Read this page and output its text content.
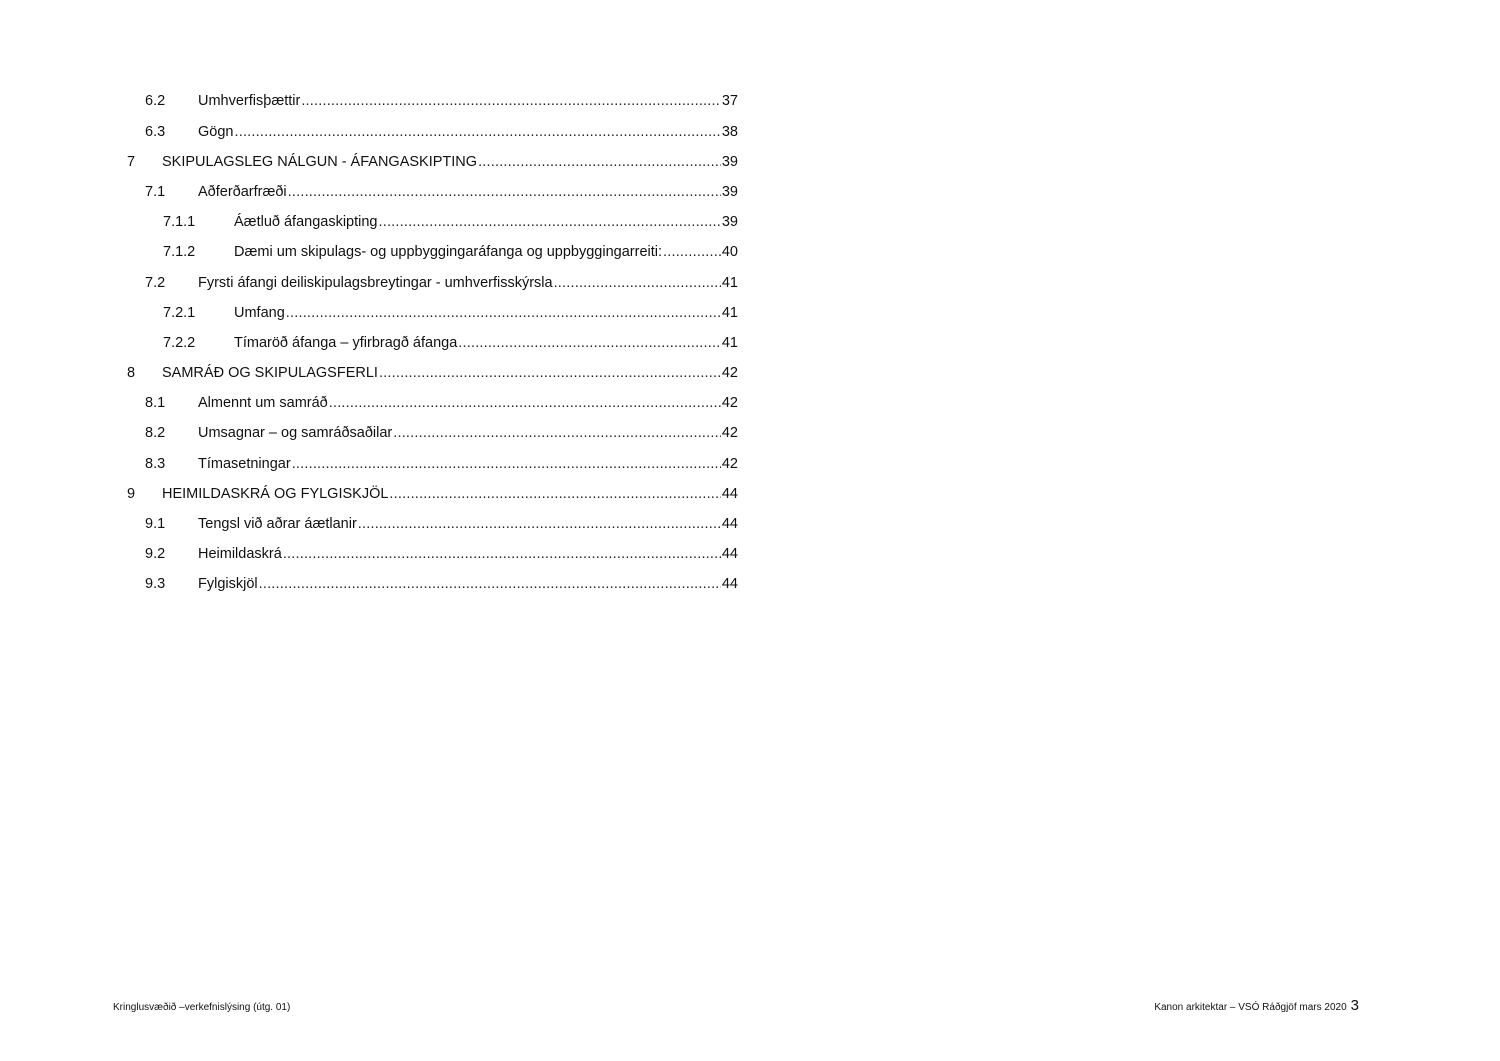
6.2 Umhverfisþættir .....	37
6.3 Gögn .....	38
7 SKIPULAGSLEG NÁLGUN - ÁFANGASKIPTING .....	39
7.1 Aðferðarfræði .....	39
7.1.1	Áætluð áfangaskipting .....	39
7.1.2	Dæmi um skipulags- og uppbyggingaráfanga og uppbyggingarreiti: .....	40
7.2 Fyrsti áfangi deiliskipulagsbreytingar - umhverfisskýrsla .....	41
7.2.1	Umfang .....	41
7.2.2	Tímaröð áfanga – yfirbragð áfanga .....	41
8 SAMRÁÐ OG SKIPULAGSFERLI .....	42
8.1 Almennt um samráð .....	42
8.2 Umsagnar – og samráðsaðilar .....	42
8.3 Tímasetningar .....	42
9 HEIMILDASKRÁ OG FYLGISKJÖL .....	44
9.1 Tengsl við aðrar áætlanir .....	44
9.2 Heimildaskrá .....	44
9.3 Fylgiskjöl .....	44
Kringlusvæðið –verkefnislýsing (útg. 01)	Kanon arkitektar – VSÓ Ráðgjöf mars 2020 3
